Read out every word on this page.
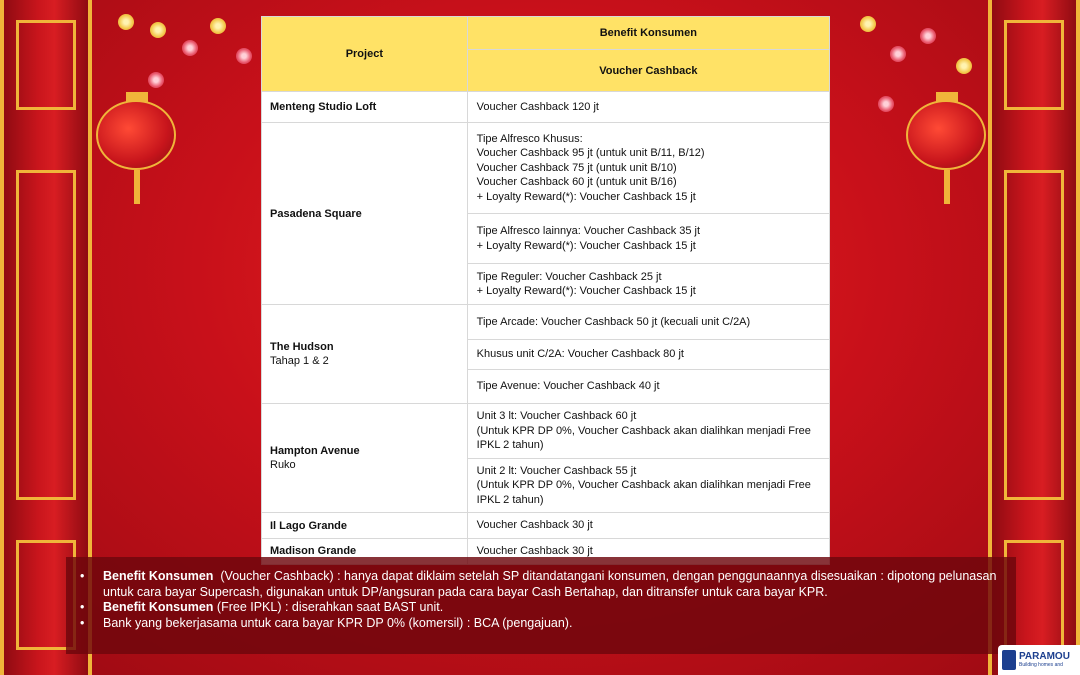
Project	Benefit Konsumen
	Voucher Cashback
Menteng Studio Loft	Voucher Cashback 120 jt

Pasadena Square	Tipe Alfresco Khusus:
Voucher Cashback 95 jt (untuk unit B/11, B/12)
Voucher Cashback 75 jt (untuk unit B/10)
Voucher Cashback 60 jt (untuk unit B/16)
+ Loyalty Reward(*): Voucher Cashback 15 jt

	Tipe Alfresco lainnya: Voucher Cashback 35 jt
+ Loyalty Reward(*): Voucher Cashback 15 jt

	Tipe Reguler: Voucher Cashback 25 jt
+ Loyalty Reward(*): Voucher Cashback 15 jt

The Hudson
Tahap 1 & 2	Tipe Arcade: Voucher Cashback 50 jt (kecuali unit C/2A)

	Khusus unit C/2A: Voucher Cashback 80 jt

	Tipe Avenue: Voucher Cashback 40 jt

Hampton Avenue
Ruko	Unit 3 lt: Voucher Cashback 60 jt
(Untuk KPR DP 0%, Voucher Cashback akan dialihkan menjadi Free
IPKL 2 tahun)

	Unit 2 lt: Voucher Cashback 55 jt
(Untuk KPR DP 0%, Voucher Cashback akan dialihkan menjadi Free
IPKL 2 tahun)

Il Lago Grande	Voucher Cashback 30 jt

Madison Grande	Voucher Cashback 30 jt
• Benefit Konsumen  (Voucher Cashback) : hanya dapat diklaim setelah SP ditandatangani konsumen, dengan penggunaannya disesuaikan : dipotong pelunasan untuk cara bayar Supercash, digunakan untuk DP/angsuran pada cara bayar Cash Bertahap, dan ditransfer untuk cara bayar KPR.
• Benefit Konsumen (Free IPKL) : diserahkan saat BAST unit.
• Bank yang bekerjasama untuk cara bayar KPR DP 0% (komersil) : BCA (pengajuan).
PARAMOU
Building homes and
